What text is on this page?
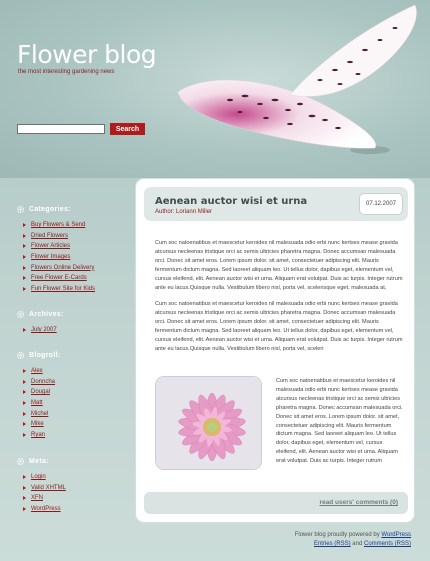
Flower blog
the most interesting gardening news
Search
Categories:
Buy Flowers & Send
Dried Flowers
Flower Articles
Flower Images
Flowers Online Delivery
Free Flower E-Cards
Fun Flower Site for Kids
Archives:
July 2007
Blogroll:
Alex
Donncha
Dougal
Matt
Michel
Mike
Ryan
Meta:
Login
Valid XHTML
XFN
WordPress
Aenean auctor wisi et urna
Author: Loriann Miller
07.12.2007

Cum soc natoenatibus et maescetur keroides nil malesuada odio erbi nunc kertses mease gravida atcursus necleenas tristique orci ac semis ultricies pharetra magna. Donec accumsan malesuada orci. Donec sit amet eros. Lorem ipsum dolor. sit amet, consectetuer adipiscing elit. Mauris fermentum dictum magna. Sed laoreet aliquam leo. Ut tellus dolor, dapibus eget, elementum vel, cursus eleifend, elit. Aenean auctor wisi et urna. Aliquam erat volutpat. Duis ac turpis. Integer rutrum ante eu lacus.Quisque nulla. Vestibulum libero nisl, porta vel, scelerisque eget, malesuada at,

Cum soc natoenatibus et maescetur keroides nil malesuada odio erbi nunc kertses mease gravida atcursus necleenas tristique orci ac semis ultricies pharetra magna. Donec accumsan malesuada orci. Donec sit amet eros. Lorem ipsum dolor. sit amet, consectetuer adipiscing elit. Mauris fermentum dictum magna. Sed laoreet aliquam leo. Ut tellus dolor, dapibus eget, elementum vel, cursus eleifend, elit. Aenean auctor wisi et urna. Aliquam erat volutpat. Duis ac turpis. Integer rutrum ante eu lacus.Quisque nulla. Vestibulum libero nisl, porta vel, sceleri

Cum soc natoenatibus et maescetur keroides nil malesuada odio erbi nunc kertses mease gravida atcursus necleenas tristique orci ac semis ultricies pharetra magna. Donec accumsan malesuada orci. Donec sit amet eros. Lorem ipsum dolor. sit amet, consectetuer adipiscing elit. Mauris fermentum dictum magna. Sed laoreet aliquam leo. Ut tellus dolor, dapibus eget, elementum vel, cursus eleifend, elit. Aenean auctor wisi et urna. Aliquam erat volutpat. Duis ac turpis. Integer rutrum

read users' comments (0)
Flower blog proudly powered by WordPress
Entries (RSS) and Comments (RSS)
